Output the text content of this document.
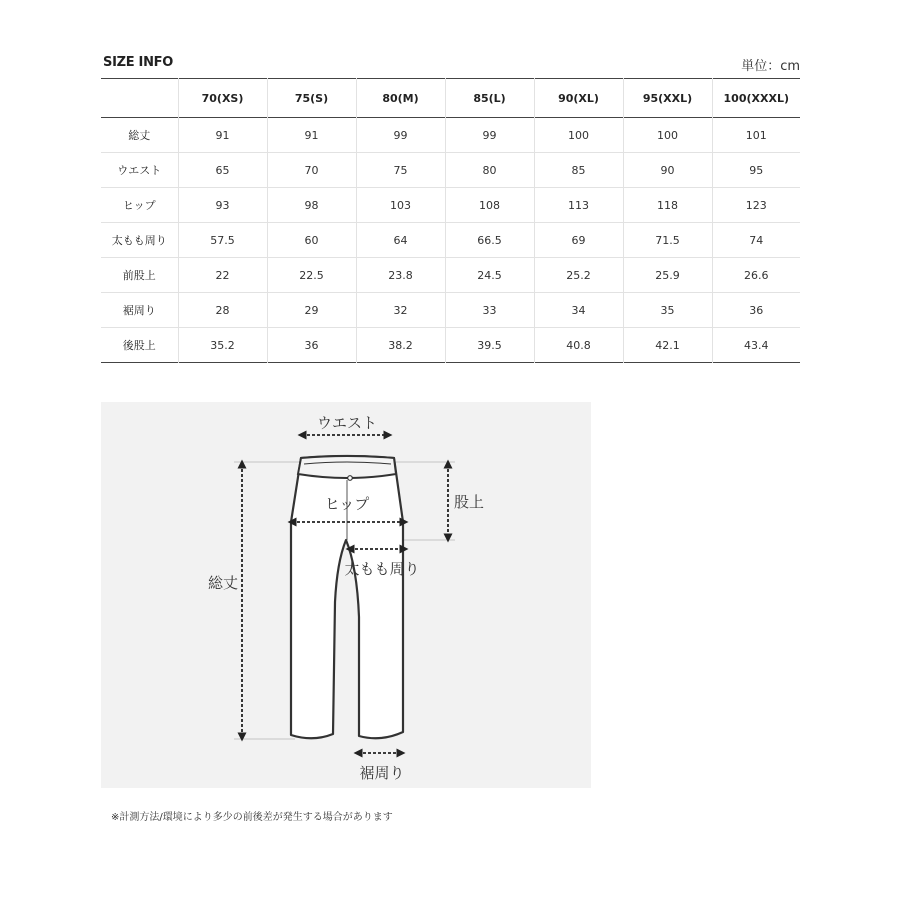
SIZE INFO	単位：cm
	70(XS)	75(S)	80(M)	85(L)	90(XL)	95(XXL)	100(XXXL)
総丈	91	91	99	99	100	100	101
ウエスト	65	70	75	80	85	90	95
ヒップ	93	98	103	108	113	118	123
太もも周り	57.5	60	64	66.5	69	71.5	74
前股上	22	22.5	23.8	24.5	25.2	25.9	26.6
裾周り	28	29	32	33	34	35	36
後股上	35.2	36	38.2	39.5	40.8	42.1	43.4
ウエスト
ヒップ	股上
太もも周り
総丈
裾周り
※計測方法/環境により多少の前後差が発生する場合があります
